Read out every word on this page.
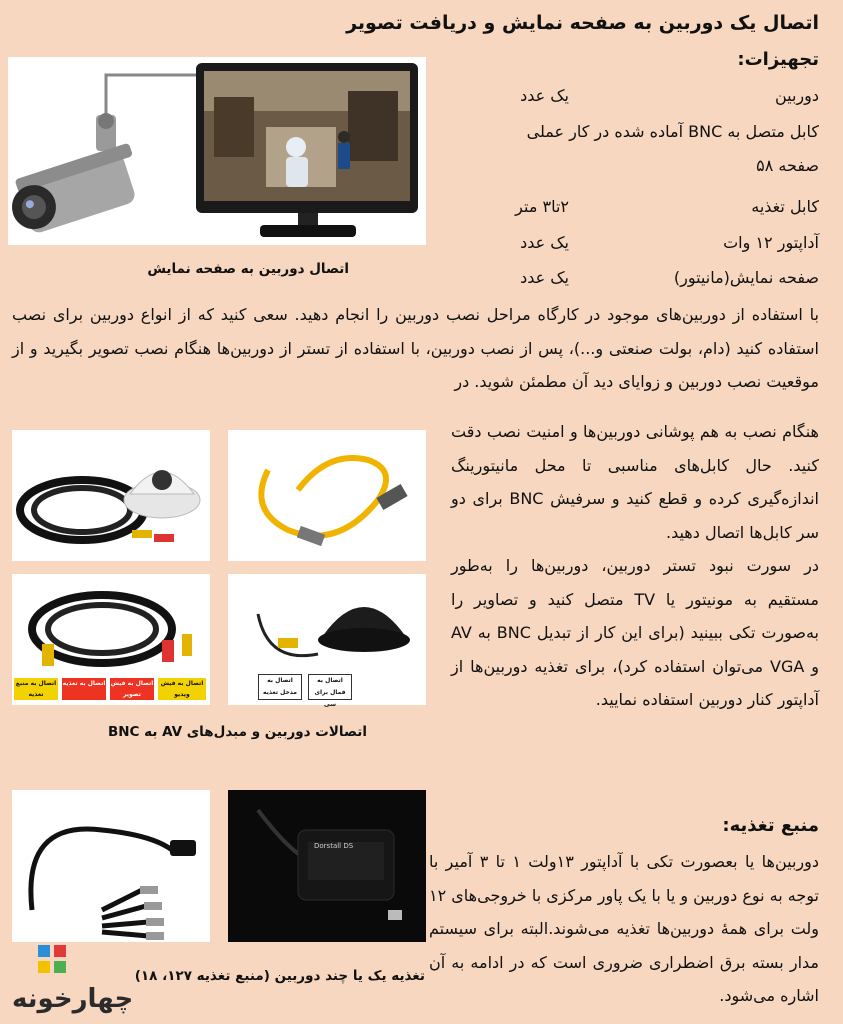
اتصال یک دوربین به صفحه نمایش و دریافت تصویر
تجهیزات:
دوربین
یک عدد
کابل متصل به BNC آماده شده در کار عملی
صفحه ۵۸
کابل تغذیه
۲تا۳ متر
آداپتور ۱۲ وات
یک عدد
صفحه نمایش(مانیتور)
یک عدد
اتصال دوربین به صفحه نمایش

با استفاده از دوربین‌های موجود در کارگاه مراحل نصب دوربین را انجام دهید. سعی کنید که از انواع دوربین برای نصب استفاده کنید (دام، بولت صنعتی و...)، پس از نصب دوربین، با استفاده از تستر از دوربین‌ها هنگام نصب تصویر بگیرید و از موقعیت نصب دوربین و زوایای دید آن مطمئن شوید. در

هنگام نصب به هم پوشانی دوربین‌ها و امنیت نصب دقت کنید. حال کابل‌های مناسبی تا محل مانیتورینگ اندازه‌گیری کرده و قطع کنید و سرفیش BNC برای دو سر کابل‌ها اتصال دهید.

در سورت نبود تستر دوربین، دوربین‌ها را به‌طور مستقیم به مونیتور یا TV متصل کنید و تصاویر را به‌صورت تکی ببینید (برای این کار از تبدیل BNC به AV و VGA می‌توان استفاده کرد)، برای تغذیه دوربین‌ها از آداپتور کنار دوربین استفاده نمایید.

اتصال به منبع تغذیه
اتصال به تغذیه اتصال به فیش تصویر
اتصال به فیش ویدیو
اتصال به مدخل تغذیه
اتصال به فمال برای سی
اتصالات دوربین و مبدل‌های AV به BNC
منبع تغذیه:

دوربین‌ها یا بعصورت تکی با آداپتور ۱۳ولت ۱ تا ۳ آمیر با توجه به نوع دوربین و یا با یک پاور مرکزی با خروجی‌های ۱۲ ولت برای همهٔ دوربین‌ها تغذیه می‌شوند.البته برای سیستم مدار بسته برق اضطراری ضروری است که در ادامه به آن اشاره می‌شود.

Dorstall DS
تغذیه یک یا چند دوربین (منبع تغذیه ۱۲۷، ۱۸)
چهارخونه
